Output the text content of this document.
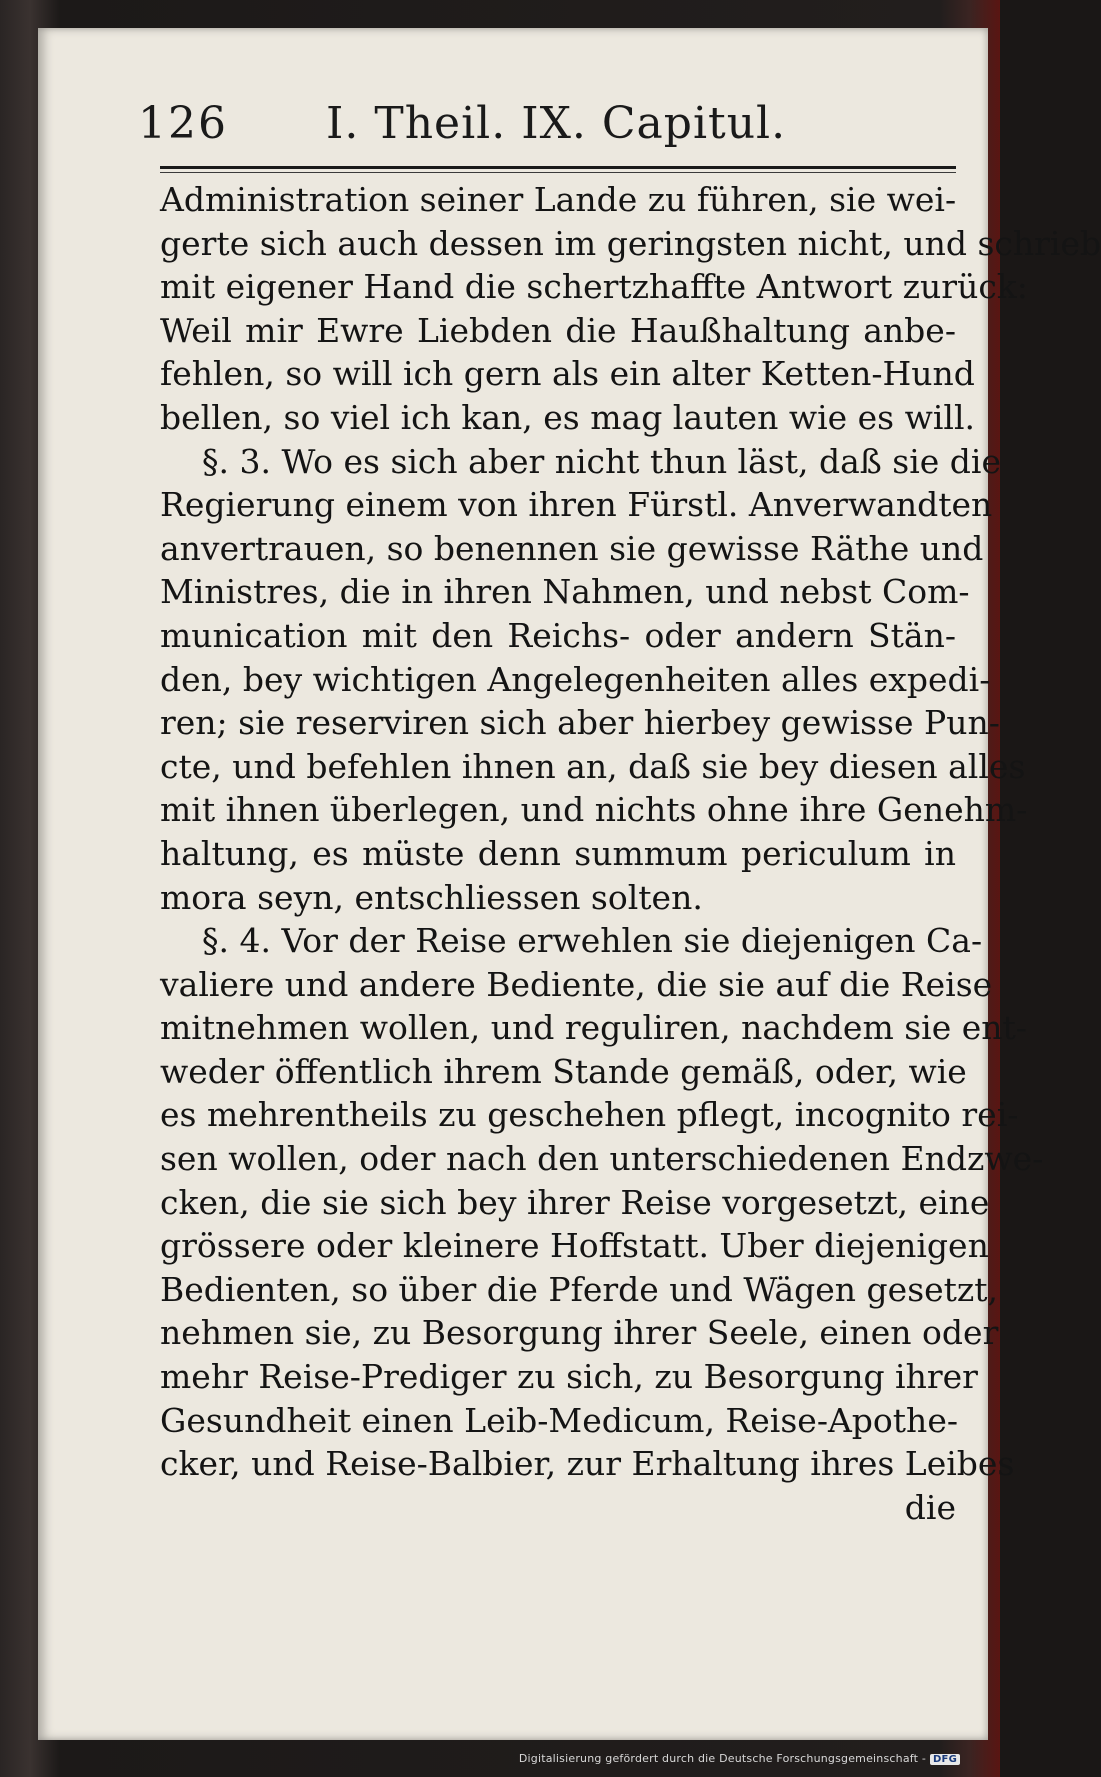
126 I. Theil. IX. Capitul.
Administration seiner Lande zu führen, sie wei-
gerte sich auch dessen im geringsten nicht, und schrieb
mit eigener Hand die schertzhaffte Antwort zurück:
Weil mir Ewre Liebden die Haußhaltung anbe-
fehlen, so will ich gern als ein alter Ketten-Hund
bellen, so viel ich kan, es mag lauten wie es will.
§. 3. Wo es sich aber nicht thun läst, daß sie die
Regierung einem von ihren Fürstl. Anverwandten
anvertrauen, so benennen sie gewisse Räthe und
Ministres, die in ihren Nahmen, und nebst Com-
munication mit den Reichs- oder andern Stän-
den, bey wichtigen Angelegenheiten alles expedi-
ren; sie reserviren sich aber hierbey gewisse Pun-
cte, und befehlen ihnen an, daß sie bey diesen alles
mit ihnen überlegen, und nichts ohne ihre Genehm-
haltung, es müste denn summum periculum in
mora seyn, entschliessen solten.
§. 4. Vor der Reise erwehlen sie diejenigen Ca-
valiere und andere Bediente, die sie auf die Reise
mitnehmen wollen, und reguliren, nachdem sie ent-
weder öffentlich ihrem Stande gemäß, oder, wie
es mehrentheils zu geschehen pflegt, incognito rei-
sen wollen, oder nach den unterschiedenen Endzwe-
cken, die sie sich bey ihrer Reise vorgesetzt, eine
grössere oder kleinere Hoffstatt. Uber diejenigen
Bedienten, so über die Pferde und Wägen gesetzt,
nehmen sie, zu Besorgung ihrer Seele, einen oder
mehr Reise-Prediger zu sich, zu Besorgung ihrer
Gesundheit einen Leib-Medicum, Reise-Apothe-
cker, und Reise-Balbier, zur Erhaltung ihres Leibes
die
Digitalisierung gefördert durch die Deutsche Forschungsgemeinschaft - DFG
